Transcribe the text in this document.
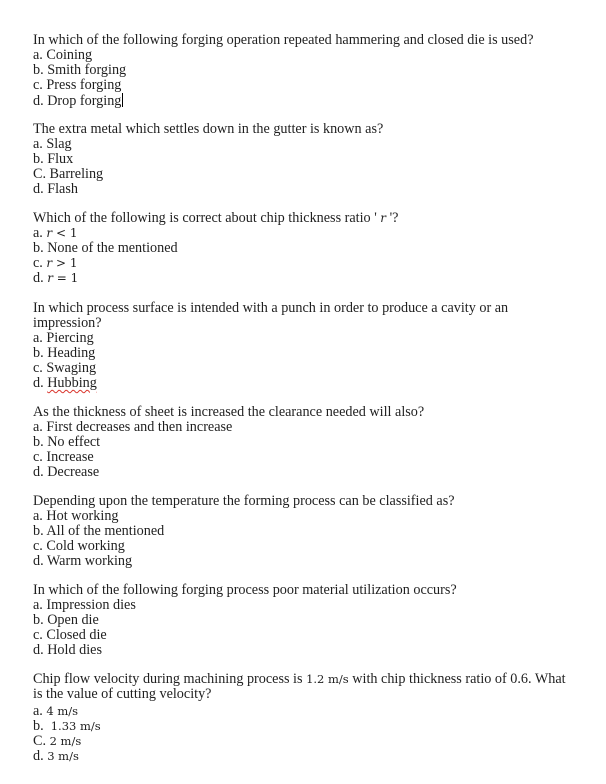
In which of the following forging operation repeated hammering and closed die is used?

a. Coining
b. Smith forging
c. Press forging
d. Drop forging

The extra metal which settles down in the gutter is known as?

a. Slag
b. Flux
C. Barreling
d. Flash

Which of the following is correct about chip thickness ratio ' r '?

a. r < 1
b. None of the mentioned
c. r > 1
d. r = 1

In which process surface is intended with a punch in order to produce a cavity or an impression?

a. Piercing
b. Heading
c. Swaging
d. Hubbing

As the thickness of sheet is increased the clearance needed will also?

a. First decreases and then increase
b. No effect
c. Increase
d. Decrease

Depending upon the temperature the forming process can be classified as?

a. Hot working
b. All of the mentioned
c. Cold working
d. Warm working

In which of the following forging process poor material utilization occurs?

a. Impression dies
b. Open die
c. Closed die
d. Hold dies

Chip flow velocity during machining process is 1.2 m/s with chip thickness ratio of 0.6. What is the value of cutting velocity?

a. 4 m/s
b.  1.33 m/s
C. 2 m/s
d. 3 m/s
